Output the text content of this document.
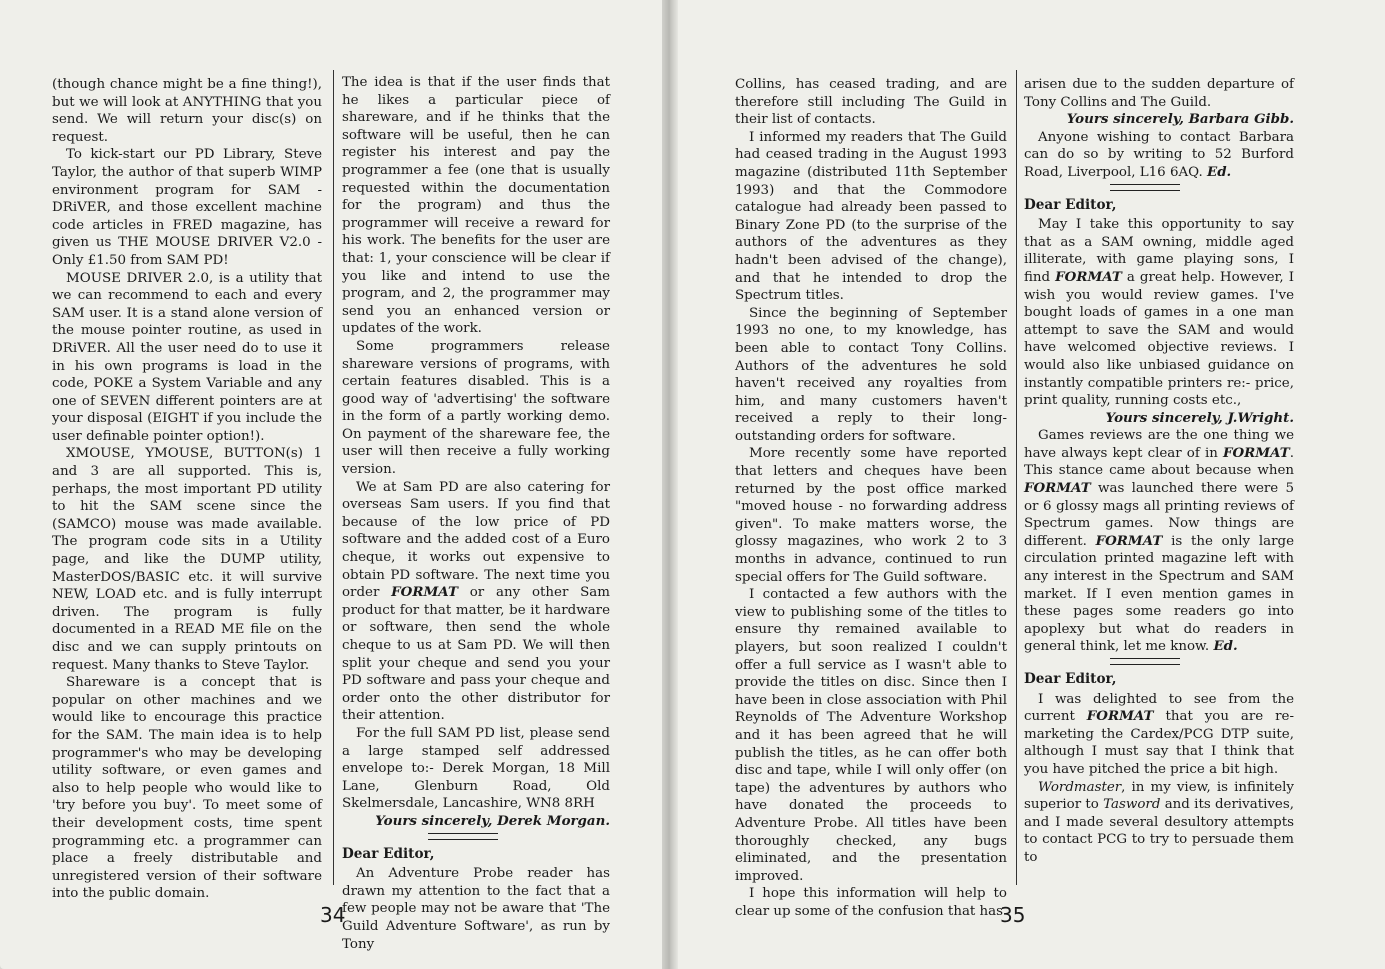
(though chance might be a fine thing!), but we will look at ANYTHING that you send. We will return your disc(s) on request.

To kick-start our PD Library, Steve Taylor, the author of that superb WIMP environment program for SAM - DRiVER, and those excellent machine code articles in FRED magazine, has given us THE MOUSE DRIVER V2.0 - Only £1.50 from SAM PD!

MOUSE DRIVER 2.0, is a utility that we can recommend to each and every SAM user. It is a stand alone version of the mouse pointer routine, as used in DRiVER. All the user need do to use it in his own programs is load in the code, POKE a System Variable and any one of SEVEN different pointers are at your disposal (EIGHT if you include the user definable pointer option!).

XMOUSE, YMOUSE, BUTTON(s) 1 and 3 are all supported. This is, perhaps, the most important PD utility to hit the SAM scene since the (SAMCO) mouse was made available. The program code sits in a Utility page, and like the DUMP utility, MasterDOS/BASIC etc. it will survive NEW, LOAD etc. and is fully interrupt driven. The program is fully documented in a READ ME file on the disc and we can supply printouts on request. Many thanks to Steve Taylor.

Shareware is a concept that is popular on other machines and we would like to encourage this practice for the SAM. The main idea is to help programmer's who may be developing utility software, or even games and also to help people who would like to 'try before you buy'. To meet some of their development costs, time spent programming etc. a programmer can place a freely distributable and unregistered version of their software into the public domain.

The idea is that if the user finds that he likes a particular piece of shareware, and if he thinks that the software will be useful, then he can register his interest and pay the programmer a fee (one that is usually requested within the documentation for the program) and thus the programmer will receive a reward for his work. The benefits for the user are that: 1, your conscience will be clear if you like and intend to use the program, and 2, the programmer may send you an enhanced version or updates of the work.

Some programmers release shareware versions of programs, with certain features disabled. This is a good way of 'advertising' the software in the form of a partly working demo. On payment of the shareware fee, the user will then receive a fully working version.

We at Sam PD are also catering for overseas Sam users. If you find that because of the low price of PD software and the added cost of a Euro cheque, it works out expensive to obtain PD software. The next time you order FORMAT or any other Sam product for that matter, be it hardware or software, then send the whole cheque to us at Sam PD. We will then split your cheque and send you your PD software and pass your cheque and order onto the other distributor for their attention.

For the full SAM PD list, please send a large stamped self addressed envelope to:- Derek Morgan, 18 Mill Lane, Glenburn Road, Old Skelmersdale, Lancashire, WN8 8RH

Yours sincerely, Derek Morgan.

Dear Editor,

An Adventure Probe reader has drawn my attention to the fact that a few people may not be aware that 'The Guild Adventure Software', as run by Tony

34

Collins, has ceased trading, and are therefore still including The Guild in their list of contacts.

I informed my readers that The Guild had ceased trading in the August 1993 magazine (distributed 11th September 1993) and that the Commodore catalogue had already been passed to Binary Zone PD (to the surprise of the authors of the adventures as they hadn't been advised of the change), and that he intended to drop the Spectrum titles.

Since the beginning of September 1993 no one, to my knowledge, has been able to contact Tony Collins. Authors of the adventures he sold haven't received any royalties from him, and many customers haven't received a reply to their long-outstanding orders for software.

More recently some have reported that letters and cheques have been returned by the post office marked "moved house - no forwarding address given". To make matters worse, the glossy magazines, who work 2 to 3 months in advance, continued to run special offers for The Guild software.

I contacted a few authors with the view to publishing some of the titles to ensure thy remained available to players, but soon realized I couldn't offer a full service as I wasn't able to provide the titles on disc. Since then I have been in close association with Phil Reynolds of The Adventure Workshop and it has been agreed that he will publish the titles, as he can offer both disc and tape, while I will only offer (on tape) the adventures by authors who have donated the proceeds to Adventure Probe. All titles have been thoroughly checked, any bugs eliminated, and the presentation improved.

I hope this information will help to clear up some of the confusion that has

arisen due to the sudden departure of Tony Collins and The Guild.

Yours sincerely, Barbara Gibb.

Anyone wishing to contact Barbara can do so by writing to 52 Burford Road, Liverpool, L16 6AQ. Ed.

Dear Editor,

May I take this opportunity to say that as a SAM owning, middle aged illiterate, with game playing sons, I find FORMAT a great help. However, I wish you would review games. I've bought loads of games in a one man attempt to save the SAM and would have welcomed objective reviews. I would also like unbiased guidance on instantly compatible printers re:- price, print quality, running costs etc.,

Yours sincerely, J.Wright.

Games reviews are the one thing we have always kept clear of in FORMAT. This stance came about because when FORMAT was launched there were 5 or 6 glossy mags all printing reviews of Spectrum games. Now things are different. FORMAT is the only large circulation printed magazine left with any interest in the Spectrum and SAM market. If I even mention games in these pages some readers go into apoplexy but what do readers in general think, let me know. Ed.

Dear Editor,

I was delighted to see from the current FORMAT that you are re-marketing the Cardex/PCG DTP suite, although I must say that I think that you have pitched the price a bit high.

Wordmaster, in my view, is infinitely superior to Tasword and its derivatives, and I made several desultory attempts to contact PCG to try to persuade them to

35
